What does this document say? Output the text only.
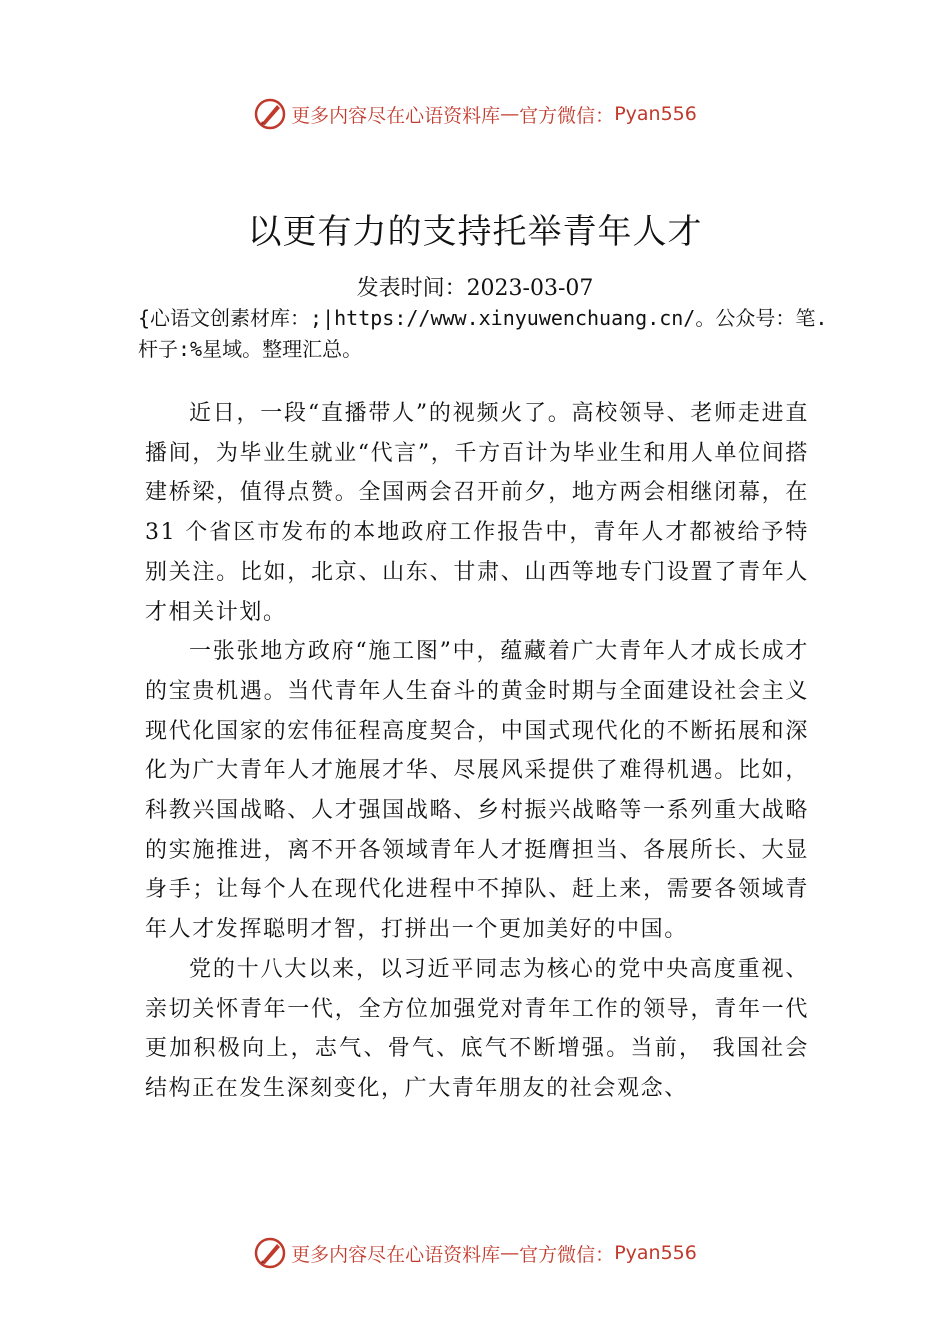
更多内容尽在心语资料库 — 官方微信： Pyan556
以更有力的支持托举青年人才
发表时间：2023-03-07
{心语文创素材库：;|https://www.xinyuwenchuang.cn/。公众号：笔.杆子:%星域。整理汇总。

近日，一段“直播带人”的视频火了。高校领导、老师走进直播间，为毕业生就业“代言”，千方百计为毕业生和用人单位间搭建桥梁，值得点赞。全国两会召开前夕，地方两会相继闭幕，在 31 个省区市发布的本地政府工作报告中，青年人才都被给予特别关注。比如，北京、山东、甘肃、山西等地专门设置了青年人才相关计划。

一张张地方政府“施工图”中，蕴藏着广大青年人才成长成才的宝贵机遇。当代青年人生奋斗的黄金时期与全面建设社会主义现代化国家的宏伟征程高度契合，中国式现代化的不断拓展和深化为广大青年人才施展才华、尽展风采提供了难得机遇。比如，科教兴国战略、人才强国战略、乡村振兴战略等一系列重大战略的实施推进，离不开各领域青年人才挺膺担当、各展所长、大显身手；让每个人在现代化进程中不掉队、赶上来，需要各领域青年人才发挥聪明才智，打拼出一个更加美好的中国。

党的十八大以来，以习近平同志为核心的党中央高度重视、亲切关怀青年一代，全方位加强党对青年工作的领导，青年一代更加积极向上，志气、骨气、底气不断增强。当前， 我国社会结构正在发生深刻变化，广大青年朋友的社会观念、

更多内容尽在心语资料库 — 官方微信： Pyan556
